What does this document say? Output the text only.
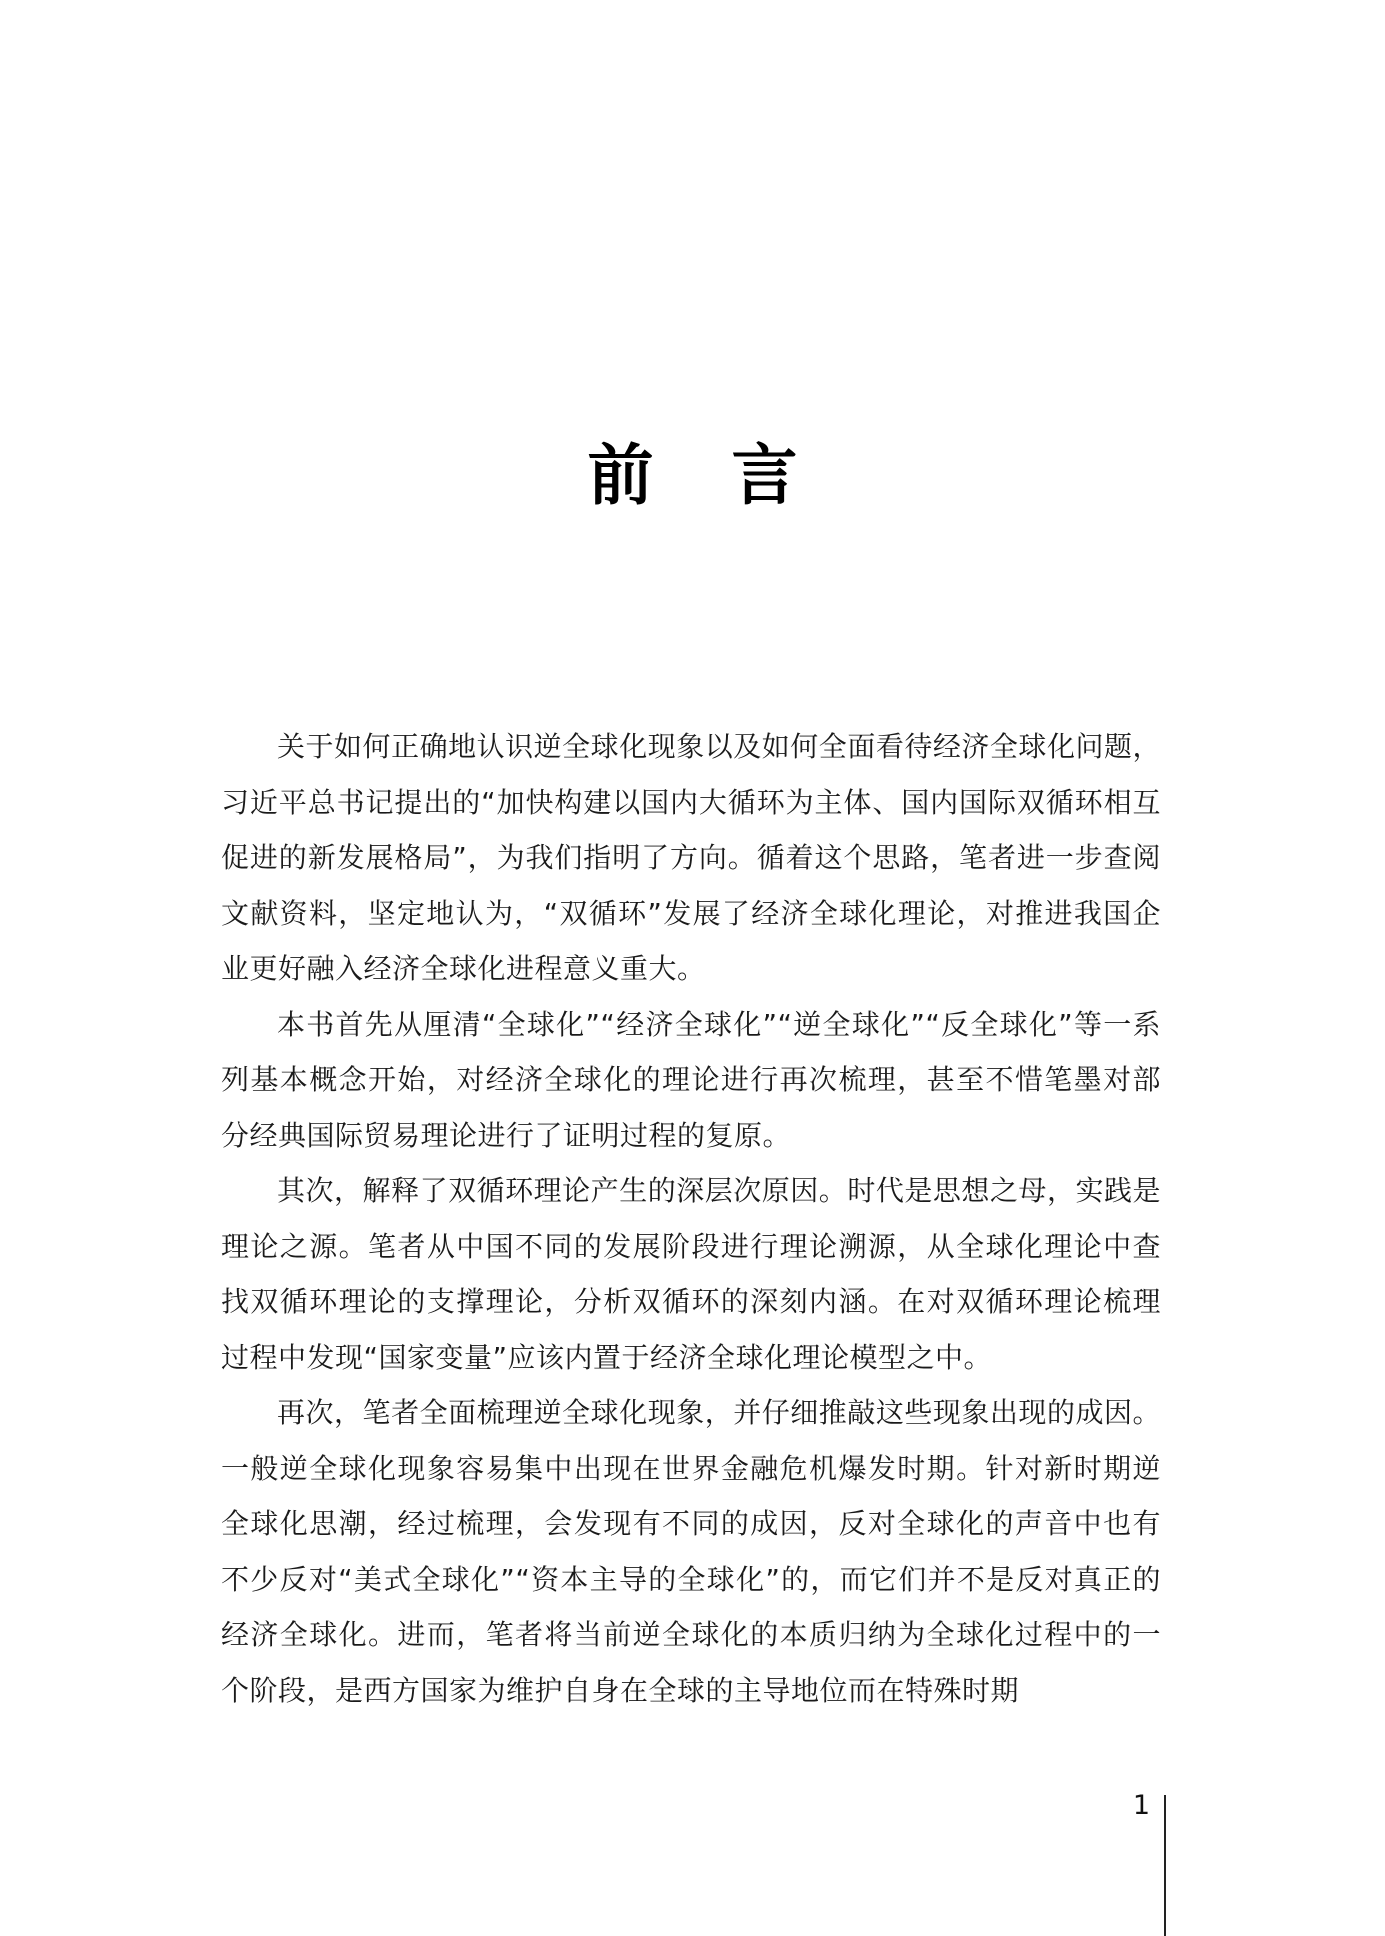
前 言

关于如何正确地认识逆全球化现象以及如何全面看待经济全球化问题，习近平总书记提出的“加快构建以国内大循环为主体、国内国际双循环相互促进的新发展格局”，为我们指明了方向。循着这个思路，笔者进一步查阅文献资料，坚定地认为，“双循环”发展了经济全球化理论，对推进我国企业更好融入经济全球化进程意义重大。

本书首先从厘清“全球化”“经济全球化”“逆全球化”“反全球化”等一系列基本概念开始，对经济全球化的理论进行再次梳理，甚至不惜笔墨对部分经典国际贸易理论进行了证明过程的复原。

其次，解释了双循环理论产生的深层次原因。时代是思想之母，实践是理论之源。笔者从中国不同的发展阶段进行理论溯源，从全球化理论中查找双循环理论的支撑理论，分析双循环的深刻内涵。在对双循环理论梳理过程中发现“国家变量”应该内置于经济全球化理论模型之中。

再次，笔者全面梳理逆全球化现象，并仔细推敲这些现象出现的成因。一般逆全球化现象容易集中出现在世界金融危机爆发时期。针对新时期逆全球化思潮，经过梳理，会发现有不同的成因，反对全球化的声音中也有不少反对“美式全球化”“资本主导的全球化”的，而它们并不是反对真正的经济全球化。进而，笔者将当前逆全球化的本质归纳为全球化过程中的一个阶段，是西方国家为维护自身在全球的主导地位而在特殊时期

1
